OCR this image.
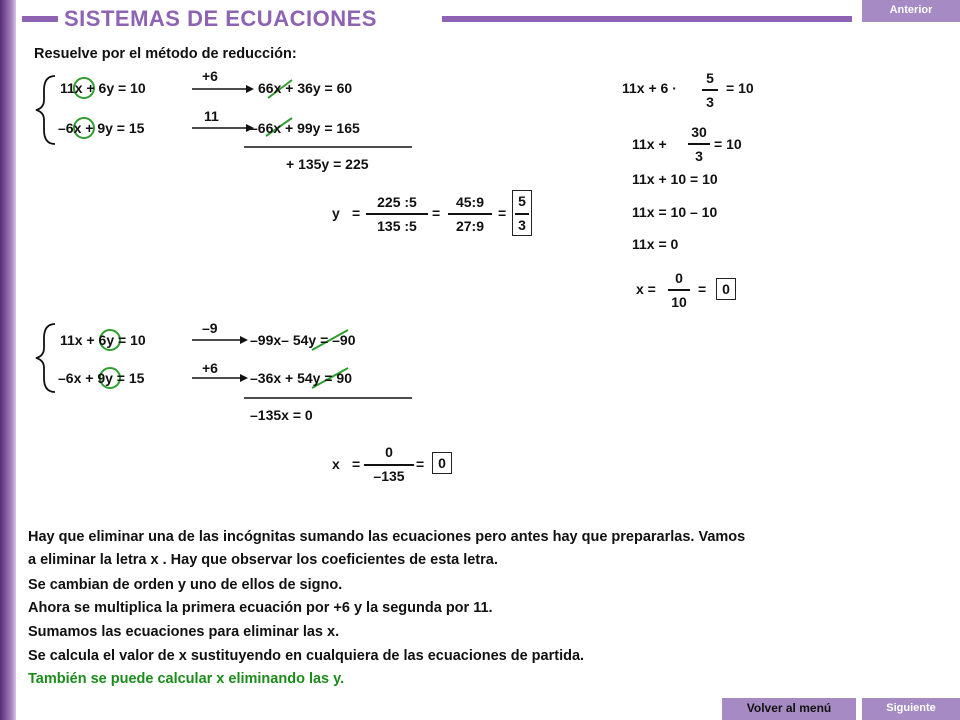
SISTEMAS DE ECUACIONES	Anterior
Resuelve por el método de reducción:
11x + 6y = 10
–6x + 9y = 15
+6
11
66x + 36y = 60
–66x + 99y = 165
+ 135y = 225
y =
225 :5
135 :5
=
45:9
27:9
=
5
3
11x + 6 ·
5
3
= 10
11x +
30
3
= 10
11x + 10 = 10
11x = 10 – 10
11x = 0
x =
0
10
=	0
11x + 6y = 10
–6x + 9y = 15
–9
+6
–99x– 54y = –90
–36x + 54y = 90
–135x = 0
x =
0
–135
= 0
Hay que eliminar una de las incógnitas sumando las ecuaciones pero antes hay que prepararlas. Vamos
a eliminar la letra x . Hay que observar los coeficientes de esta letra.
Se cambian de orden y uno de ellos de signo.
Ahora se multiplica la primera ecuación por +6 y la segunda por 11.
Sumamos las ecuaciones para eliminar las x.
Se calcula el valor de x sustituyendo en cualquiera de las ecuaciones de partida.
También se puede calcular x eliminando las y.
Volver al menú	Siguiente
